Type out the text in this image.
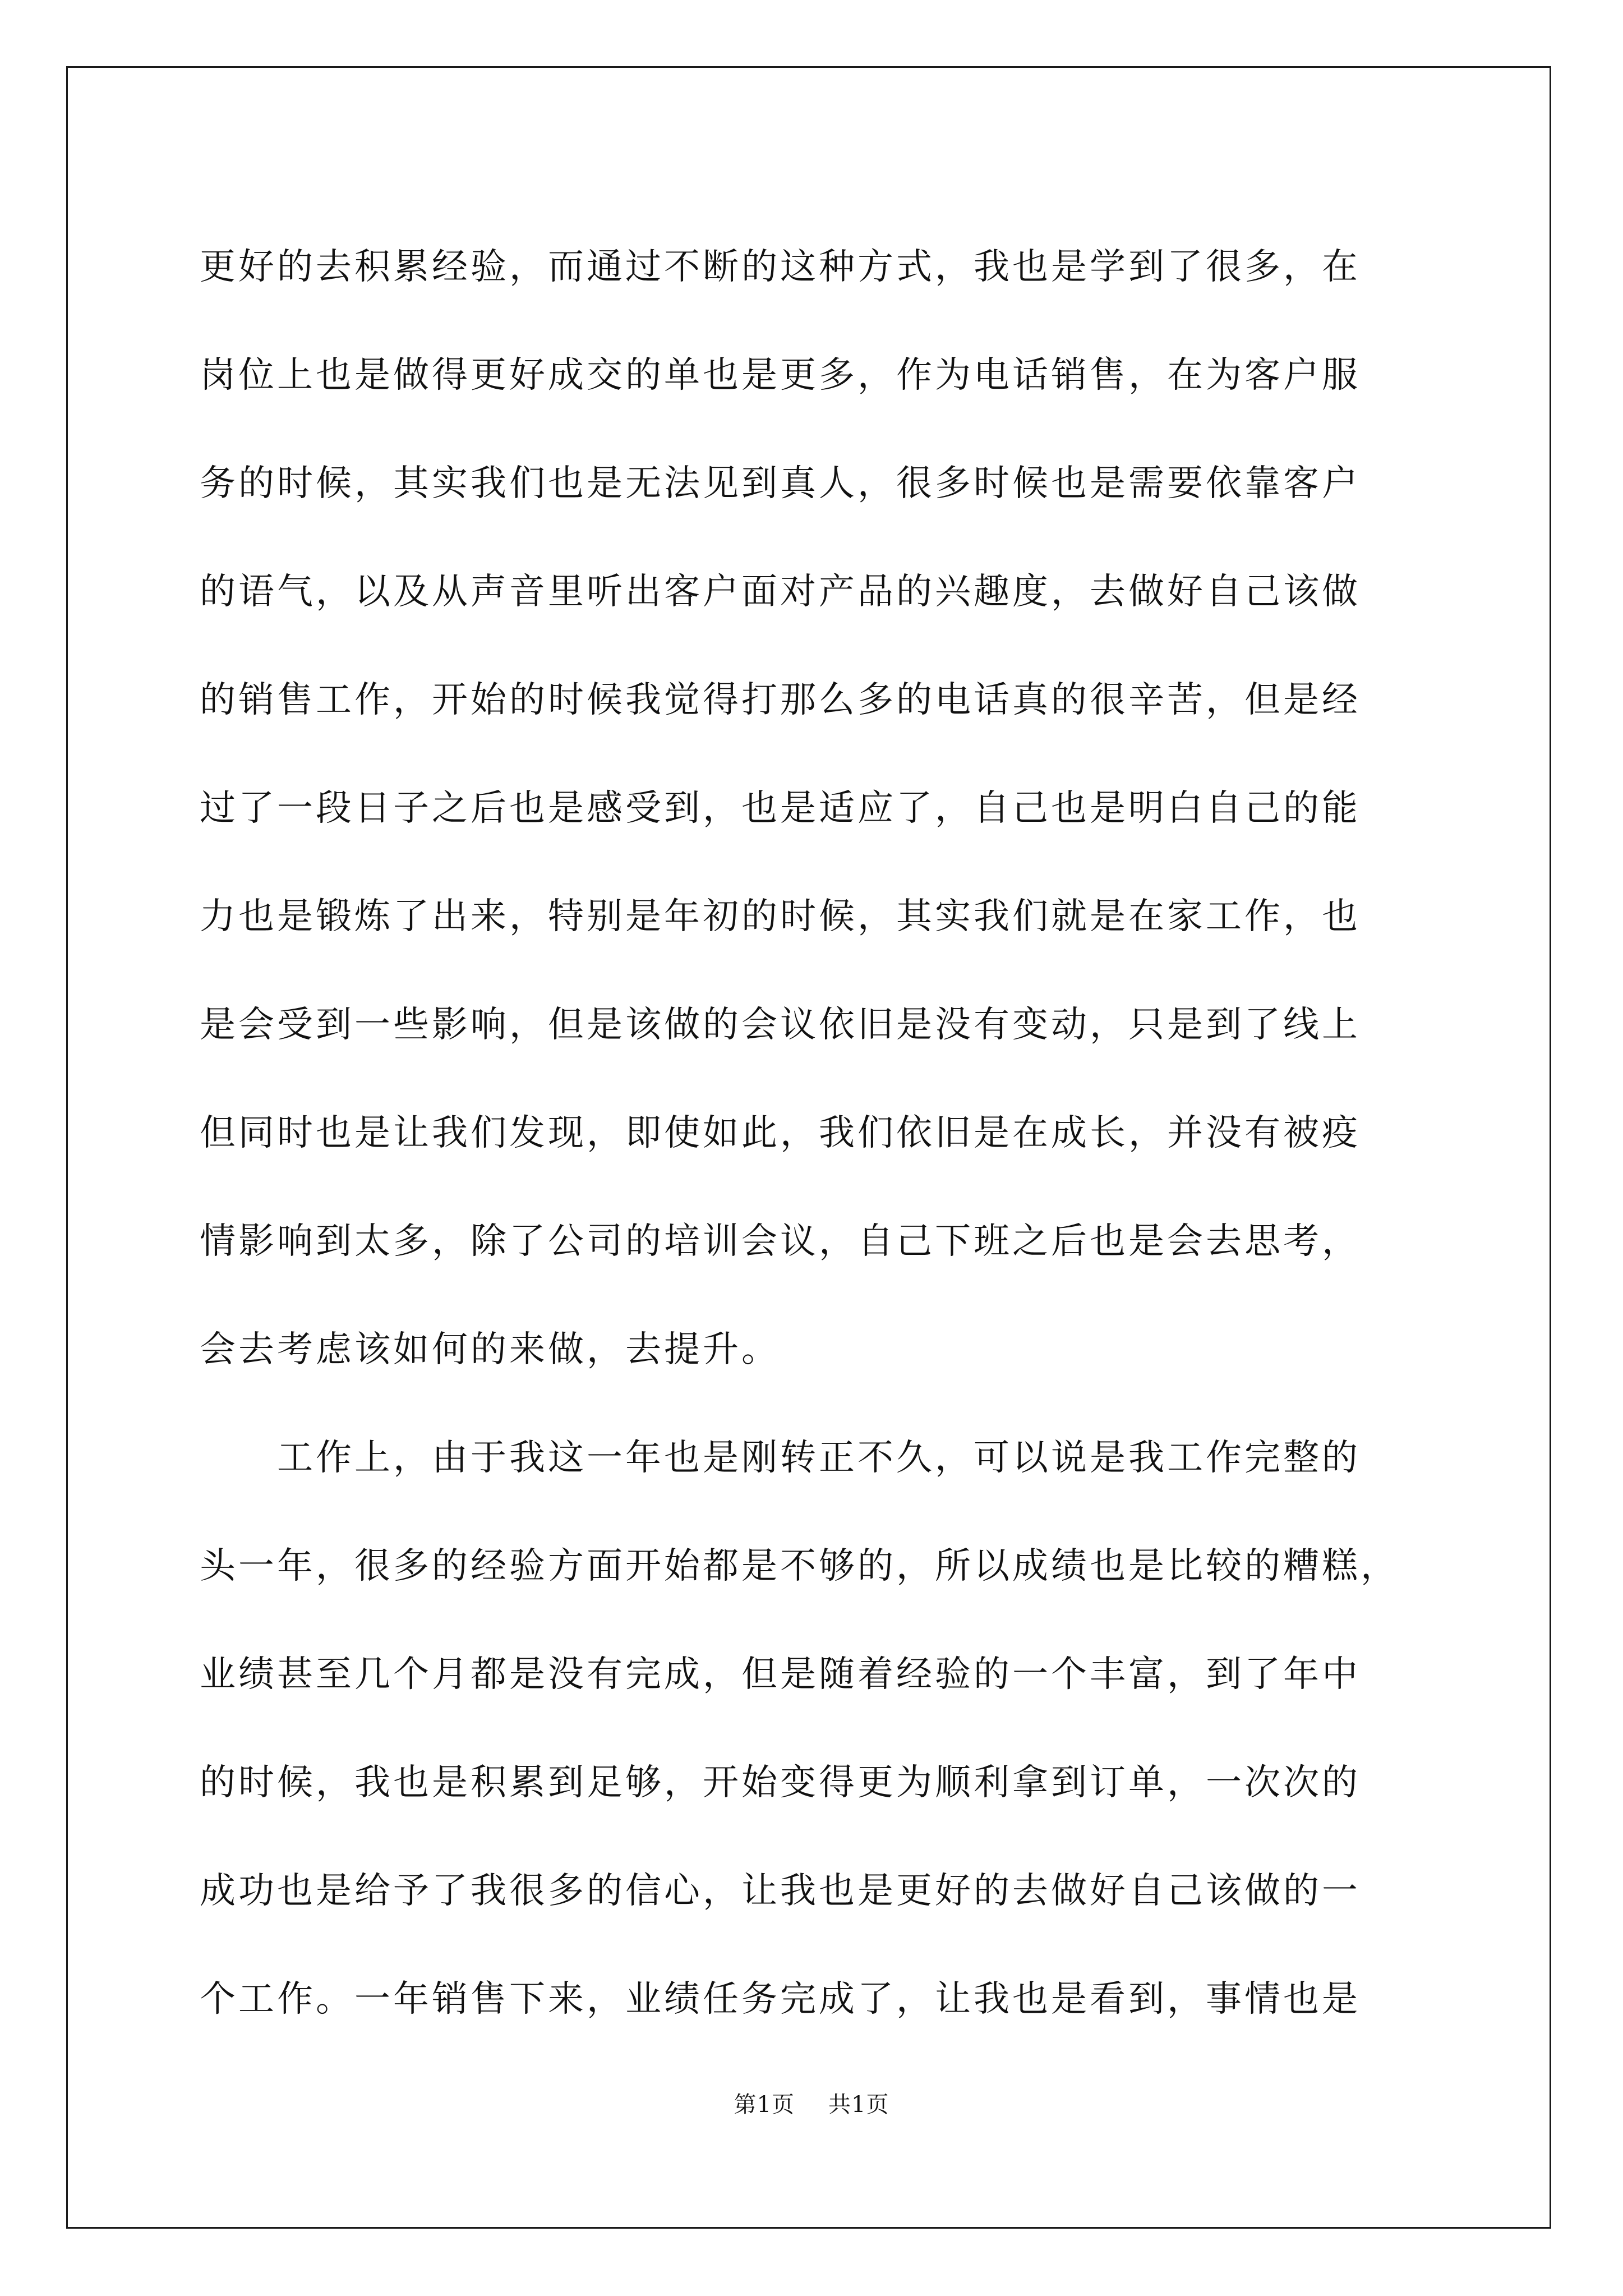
更好的去积累经验，而通过不断的这种方式，我也是学到了很多，在
岗位上也是做得更好成交的单也是更多，作为电话销售，在为客户服
务的时候，其实我们也是无法见到真人，很多时候也是需要依靠客户
的语气，以及从声音里听出客户面对产品的兴趣度，去做好自己该做
的销售工作，开始的时候我觉得打那么多的电话真的很辛苦，但是经
过了一段日子之后也是感受到，也是适应了，自己也是明白自己的能
力也是锻炼了出来，特别是年初的时候，其实我们就是在家工作，也
是会受到一些影响，但是该做的会议依旧是没有变动，只是到了线上
但同时也是让我们发现，即使如此，我们依旧是在成长，并没有被疫
情影响到太多，除了公司的培训会议，自己下班之后也是会去思考，
会去考虑该如何的来做，去提升。
工作上，由于我这一年也是刚转正不久，可以说是我工作完整的
头一年，很多的经验方面开始都是不够的，所以成绩也是比较的糟糕，
业绩甚至几个月都是没有完成，但是随着经验的一个丰富，到了年中
的时候，我也是积累到足够，开始变得更为顺利拿到订单，一次次的
成功也是给予了我很多的信心，让我也是更好的去做好自己该做的一
个工作。一年销售下来，业绩任务完成了，让我也是看到，事情也是
第1页 共1页
